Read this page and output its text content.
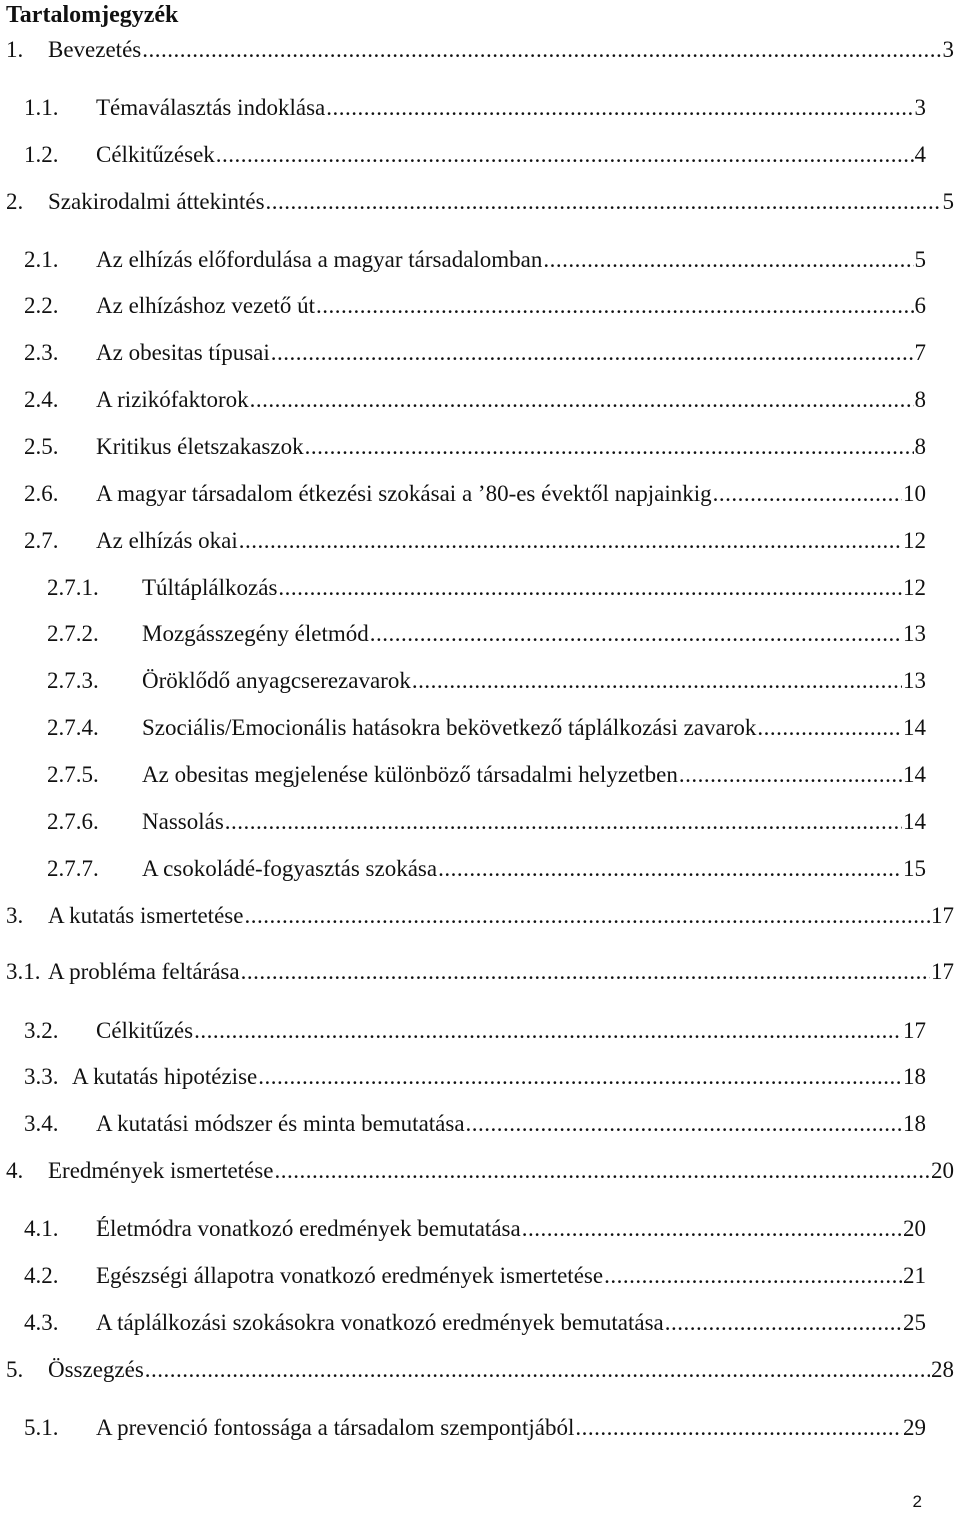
Tartalomjegyzék
1.	Bevezetés .....	3
1.1.	Témaválasztás indoklása .....	3
1.2.	Célkitűzések .....	4
2.	Szakirodalmi áttekintés .....	5
2.1.	Az elhízás előfordulása a magyar társadalomban .....	5
2.2.	Az elhízáshoz vezető út .....	6
2.3.	Az obesitas típusai .....	7
2.4.	A rizikófaktorok .....	8
2.5.	Kritikus életszakaszok .....	8
2.6.	A magyar társadalom étkezési szokásai a ’80-es évektől napjainkig .....	10
2.7.	Az elhízás okai .....	12
2.7.1.	Túltáplálkozás .....	12
2.7.2.	Mozgásszegény életmód .....	13
2.7.3.	Öröklődő anyagcserezavarok .....	13
2.7.4.	Szociális/Emocionális hatásokra bekövetkező táplálkozási zavarok .....	14
2.7.5.	Az obesitas megjelenése különböző társadalmi helyzetben .....	14
2.7.6.	Nassolás .....	14
2.7.7.	A csokoládé-fogyasztás szokása .....	15
3.	A kutatás ismertetése .....	17
3.1. A probléma feltárása .....	17
3.2.	Célkitűzés .....	17
3.3. A kutatás hipotézise .....	18
3.4.	A kutatási módszer és minta bemutatása .....	18
4.	Eredmények ismertetése .....	20
4.1.	Életmódra vonatkozó eredmények bemutatása .....	20
4.2.	Egészségi állapotra vonatkozó eredmények ismertetése .....	21
4.3.	A táplálkozási szokásokra vonatkozó eredmények bemutatása .....	25
5.	Összegzés .....	28
5.1.	A prevenció fontossága a társadalom szempontjából .....	29
2
